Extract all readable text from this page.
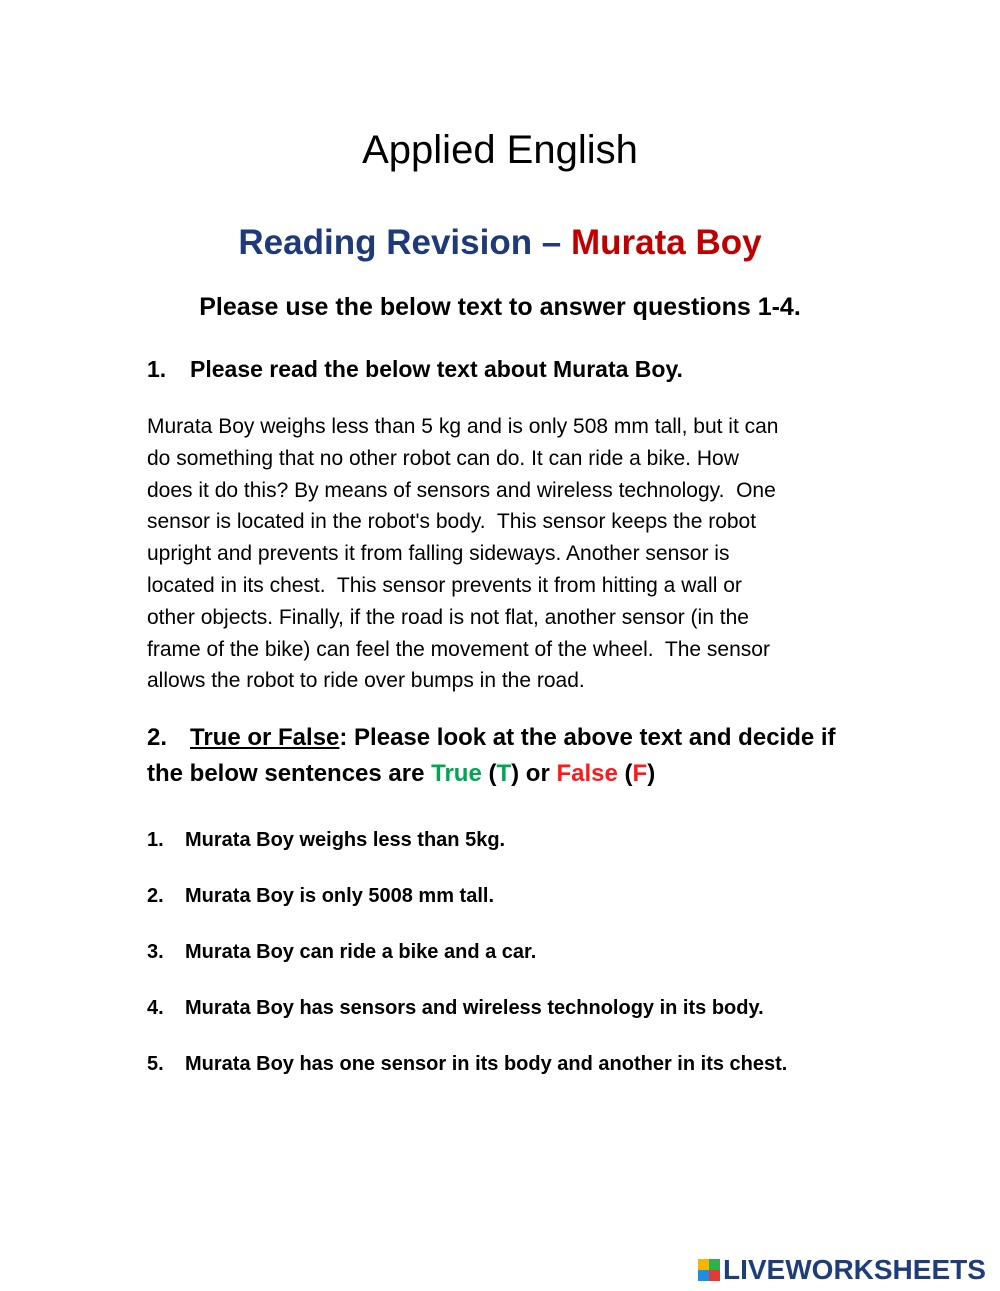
Applied English
Reading Revision – Murata Boy

Please use the below text to answer questions 1-4.

1. Please read the below text about Murata Boy.

Murata Boy weighs less than 5 kg and is only 508 mm tall, but it can
do something that no other robot can do. It can ride a bike. How
does it do this? By means of sensors and wireless technology.  One
sensor is located in the robot's body.  This sensor keeps the robot
upright and prevents it from falling sideways. Another sensor is
located in its chest.  This sensor prevents it from hitting a wall or
other objects. Finally, if the road is not flat, another sensor (in the
frame of the bike) can feel the movement of the wheel.  The sensor
allows the robot to ride over bumps in the road.

2. True or False: Please look at the above text and decide if
the below sentences are True (T) or False (F)

1. Murata Boy weighs less than 5kg.
2. Murata Boy is only 5008 mm tall.
3. Murata Boy can ride a bike and a car.
4. Murata Boy has sensors and wireless technology in its body.
5. Murata Boy has one sensor in its body and another in its chest.
LIVEWORKSHEETS
